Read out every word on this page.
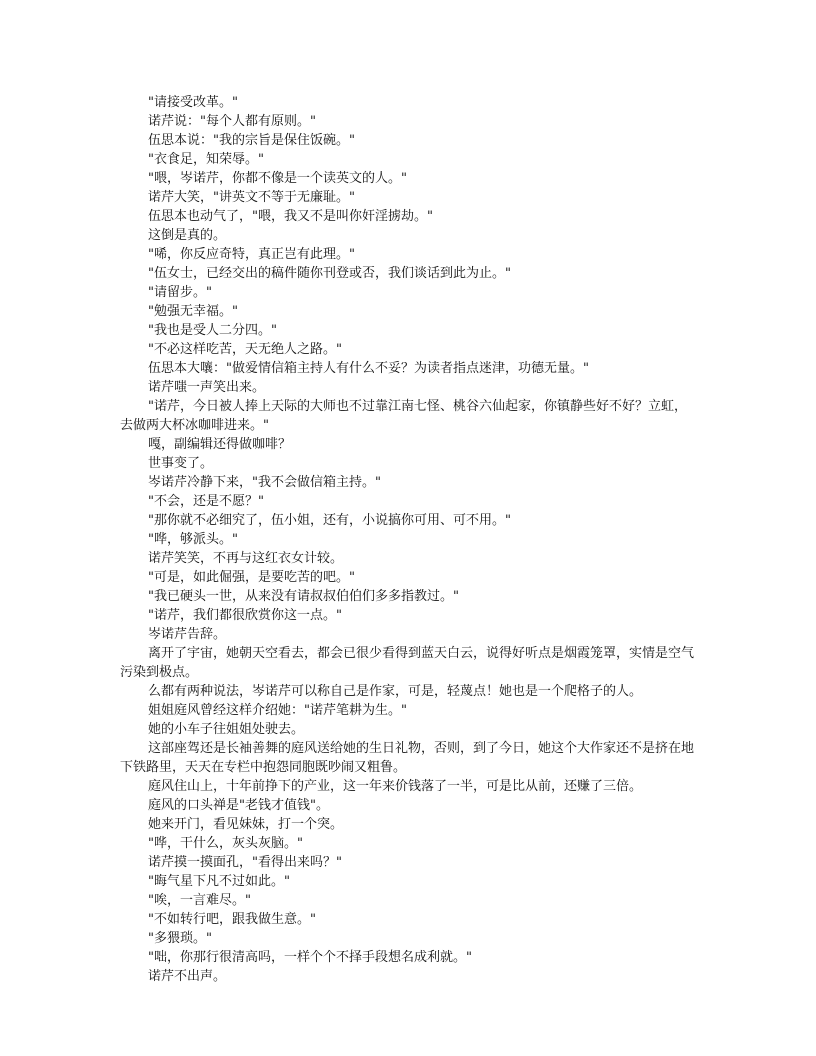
"请接受改革。"

诺芹说："每个人都有原则。"

伍思本说："我的宗旨是保住饭碗。"

"衣食足，知荣辱。"

"喂，岑诺芹，你都不像是一个读英文的人。"

诺芹大笑，"讲英文不等于无廉耻。"

伍思本也动气了，"喂，我又不是叫你奸淫掳劫。"

这倒是真的。

"唏，你反应奇特，真正岂有此理。"

"伍女士，已经交出的稿件随你刊登或否，我们谈话到此为止。"

"请留步。"

"勉强无幸福。"

"我也是受人二分四。"

"不必这样吃苦，天无绝人之路。"

伍思本大嚷："做爱情信箱主持人有什么不妥？为读者指点迷津，功德无量。"

诺芹嗤一声笑出来。

"诺芹，今日被人捧上天际的大师也不过靠江南七怪、桃谷六仙起家，你镇静些好不好？立虹，去做两大杯冰咖啡进来。"

嘎，副编辑还得做咖啡？

世事变了。

岑诺芹冷静下来，"我不会做信箱主持。"

"不会，还是不愿？"

"那你就不必细究了，伍小姐，还有，小说搞你可用、可不用。"

"哗，够派头。"

诺芹笑笑，不再与这红衣女计较。

"可是，如此倔强，是要吃苦的吧。"

"我已硬头一世，从来没有请叔叔伯伯们多多指教过。"

"诺芹，我们都很欣赏你这一点。"

岑诺芹告辞。

离开了宇宙，她朝天空看去，都会已很少看得到蓝天白云，说得好听点是烟霞笼罩，实情是空气污染到极点。

么都有两种说法，岑诺芹可以称自己是作家，可是，轻蔑点！她也是一个爬格子的人。

姐姐庭风曾经这样介绍她："诺芹笔耕为生。"

她的小车子往姐姐处驶去。

这部座驾还是长袖善舞的庭风送给她的生日礼物，否则，到了今日，她这个大作家还不是挤在地下铁路里，天天在专栏中抱怨同胞既吵闹又粗鲁。

庭风住山上，十年前挣下的产业，这一年来价钱落了一半，可是比从前，还赚了三倍。

庭风的口头禅是"老钱才值钱"。

她来开门，看见妹妹，打一个突。

"哗，干什么，灰头灰脑。"

诺芹摸一摸面孔，"看得出来吗？"

"晦气星下凡不过如此。"

"唉，一言难尽。"

"不如转行吧，跟我做生意。"

"多猥琐。"

"咄，你那行很清高吗，一样个个不择手段想名成利就。"

诺芹不出声。
